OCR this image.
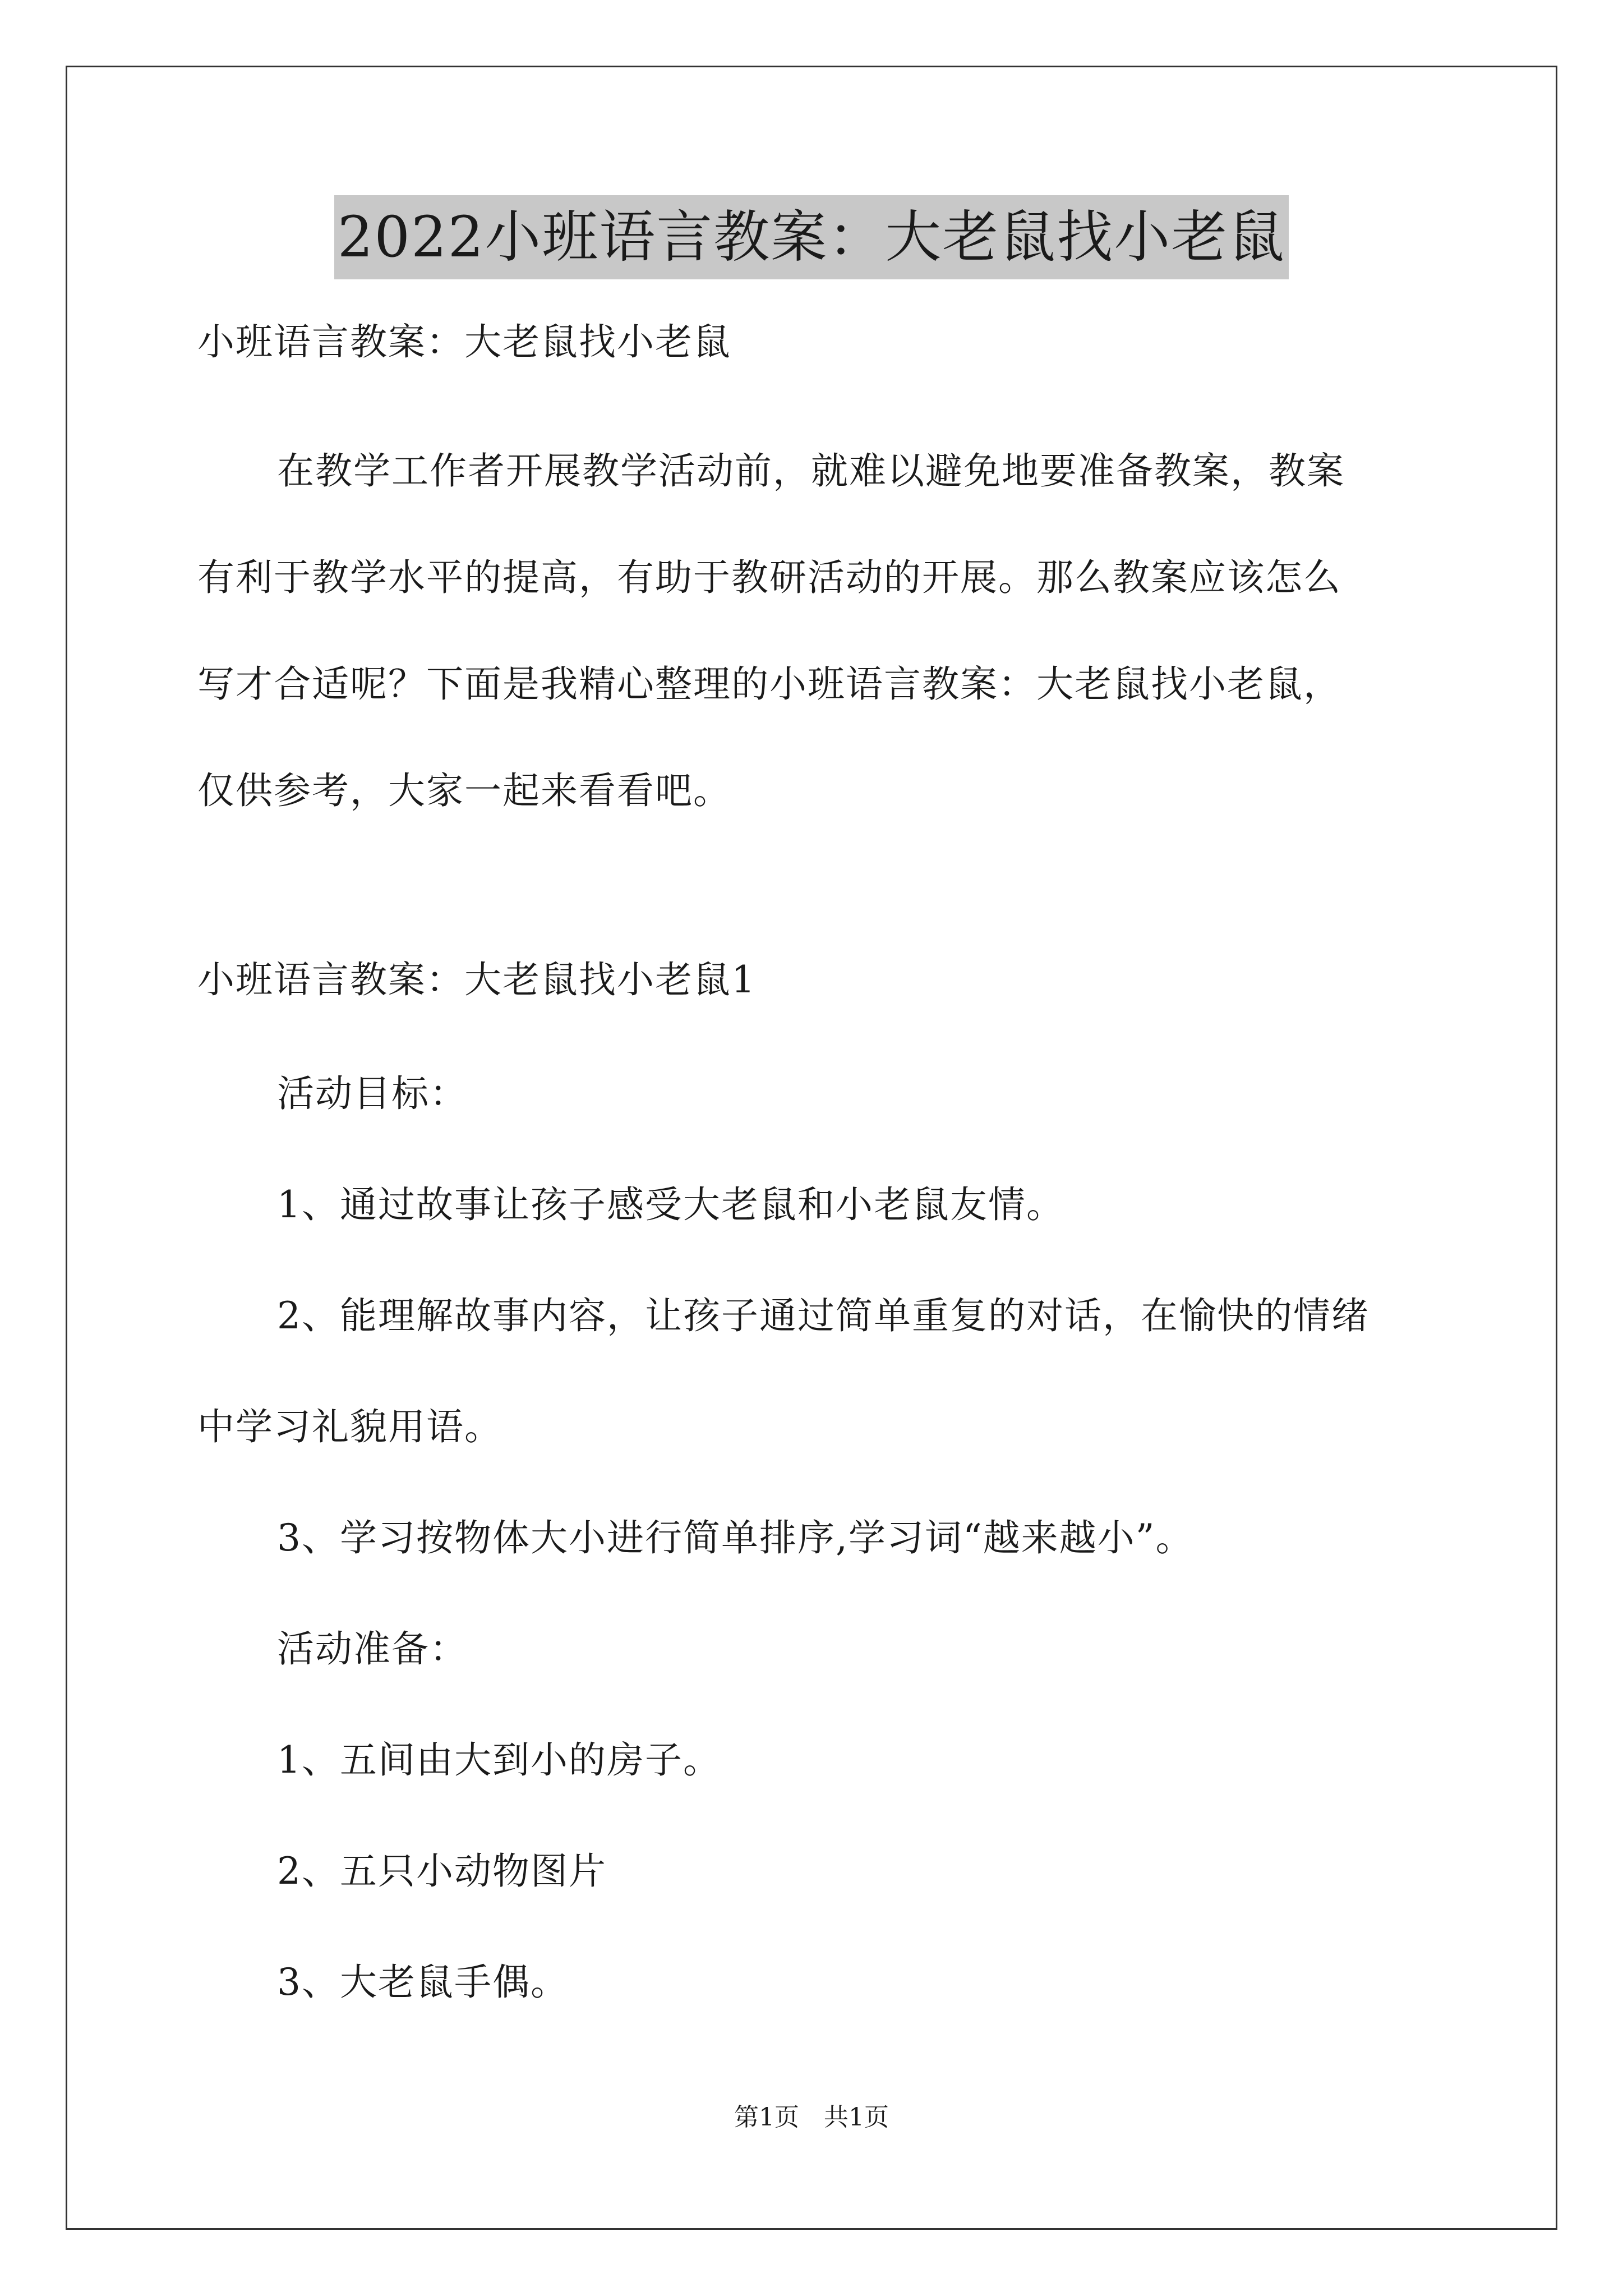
2022小班语言教案：大老鼠找小老鼠
小班语言教案：大老鼠找小老鼠
在教学工作者开展教学活动前，就难以避免地要准备教案，教案
有利于教学水平的提高，有助于教研活动的开展。那么教案应该怎么
写才合适呢？下面是我精心整理的小班语言教案：大老鼠找小老鼠，
仅供参考，大家一起来看看吧。
小班语言教案：大老鼠找小老鼠1
活动目标：
1、通过故事让孩子感受大老鼠和小老鼠友情。
2、能理解故事内容，让孩子通过简单重复的对话，在愉快的情绪
中学习礼貌用语。
3、学习按物体大小进行简单排序,学习词“越来越小”。
活动准备：
1、五间由大到小的房子。
2、五只小动物图片
3、大老鼠手偶。
第1页 共1页
